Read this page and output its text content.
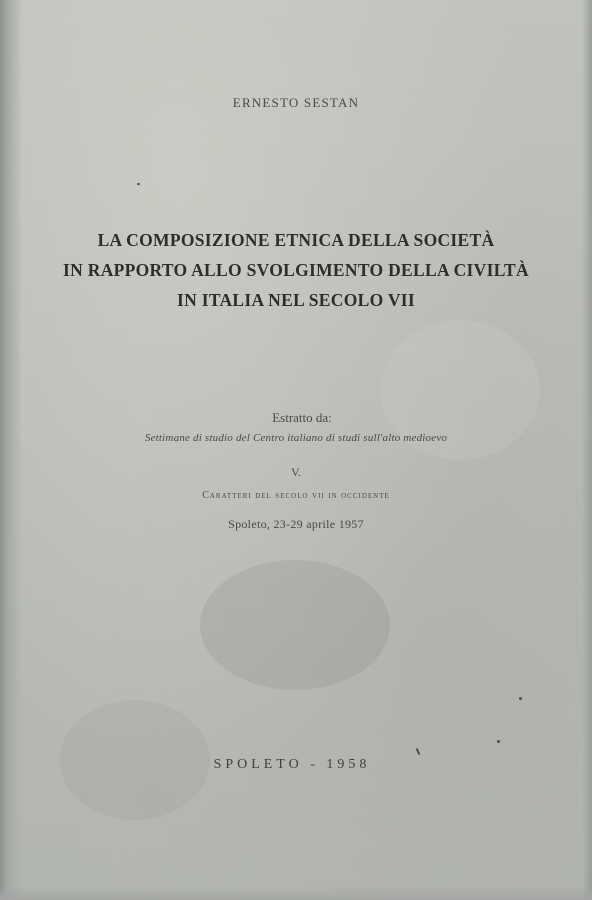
ERNESTO SESTAN
LA COMPOSIZIONE ETNICA DELLA SOCIETÀ
IN RAPPORTO ALLO SVOLGIMENTO DELLA CIVILTÀ
IN ITALIA NEL SECOLO VII
Estratto da:
Settimane di studio del Centro italiano di studi sull'alto medioevo
V.
Caratteri del secolo vii in occidente
Spoleto, 23-29 aprile 1957
SPOLETO - 1958
